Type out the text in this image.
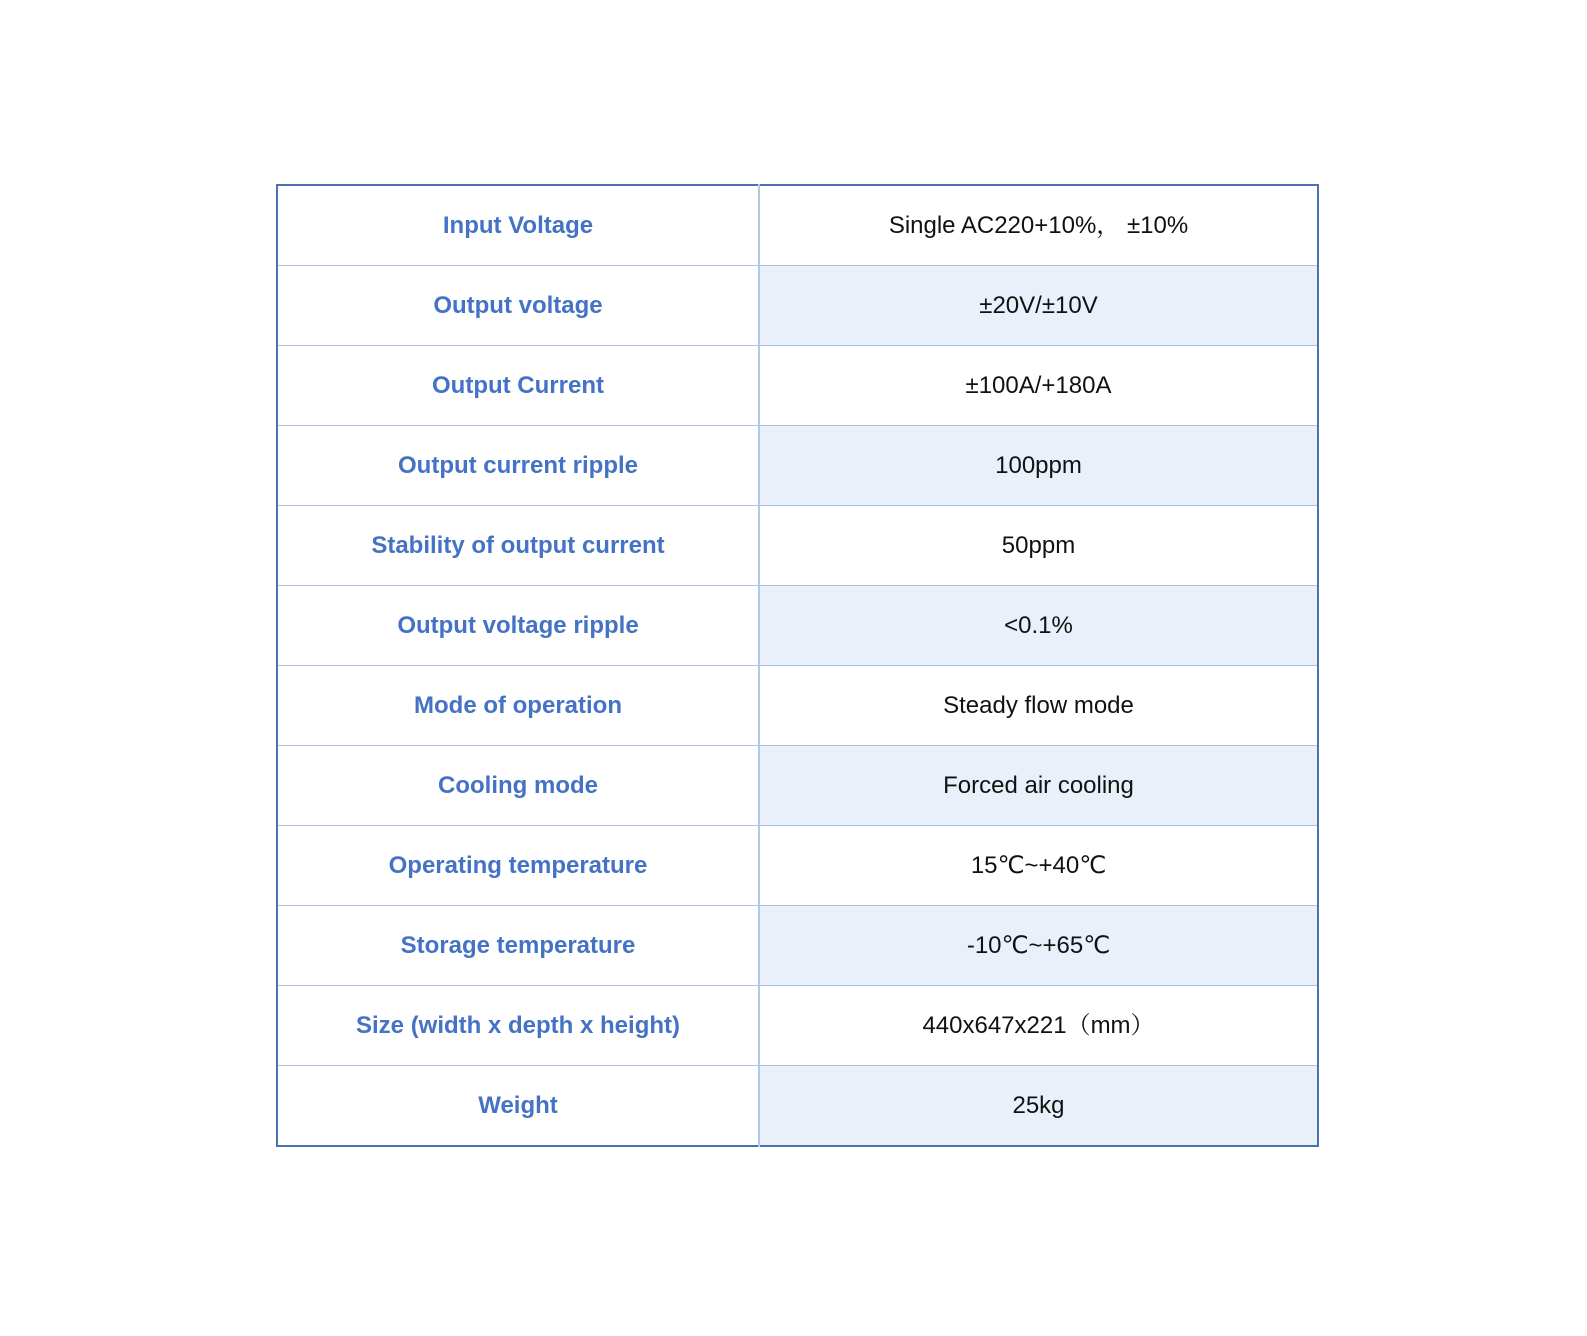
Input Voltage	Single AC220+10%， ±10%
Output voltage	±20V/±10V
Output Current	±100A/+180A
Output current ripple	100ppm
Stability of output current	50ppm
Output voltage ripple	<0.1%
Mode of operation	Steady flow mode
Cooling mode	Forced air cooling
Operating temperature	15℃~+40℃
Storage temperature	-10℃~+65℃
Size (width x depth x height)	440x647x221（mm）
Weight	25kg
